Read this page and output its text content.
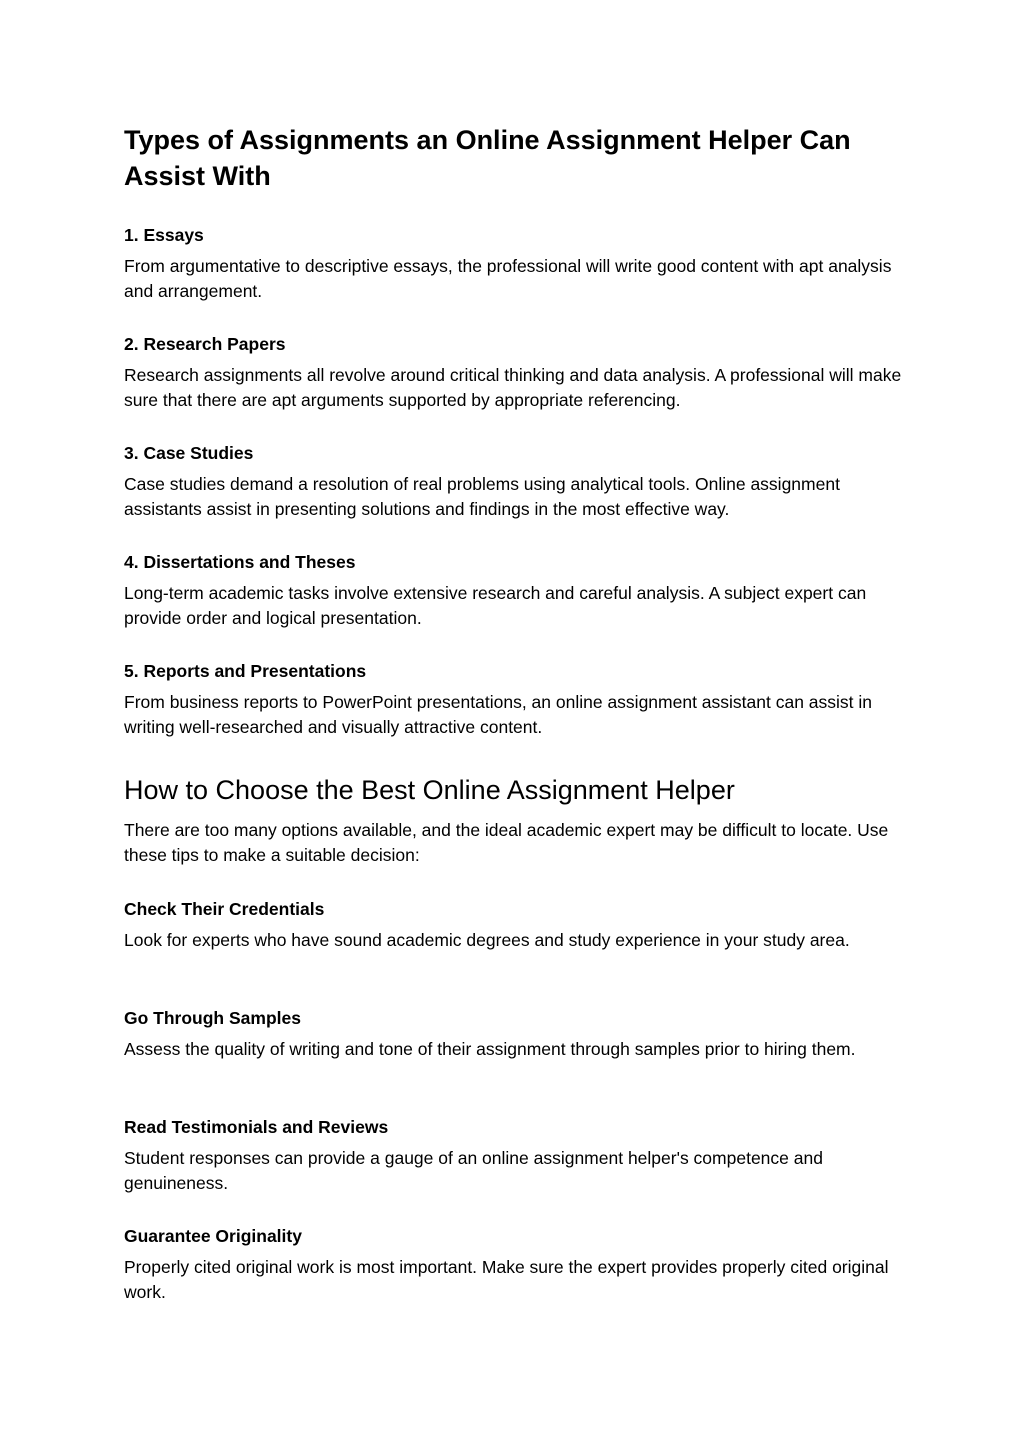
Types of Assignments an Online Assignment Helper Can Assist With
1. Essays

From argumentative to descriptive essays, the professional will write good content with apt analysis and arrangement.

2. Research Papers

Research assignments all revolve around critical thinking and data analysis. A professional will make sure that there are apt arguments supported by appropriate referencing.

3. Case Studies

Case studies demand a resolution of real problems using analytical tools. Online assignment assistants assist in presenting solutions and findings in the most effective way.

4. Dissertations and Theses

Long-term academic tasks involve extensive research and careful analysis. A subject expert can provide order and logical presentation.

5. Reports and Presentations

From business reports to PowerPoint presentations, an online assignment assistant can assist in writing well-researched and visually attractive content.

How to Choose the Best Online Assignment Helper

There are too many options available, and the ideal academic expert may be difficult to locate. Use these tips to make a suitable decision:

Check Their Credentials

Look for experts who have sound academic degrees and study experience in your study area.

Go Through Samples

Assess the quality of writing and tone of their assignment through samples prior to hiring them.

Read Testimonials and Reviews

Student responses can provide a gauge of an online assignment helper's competence and genuineness.

Guarantee Originality

Properly cited original work is most important. Make sure the expert provides properly cited original work.
